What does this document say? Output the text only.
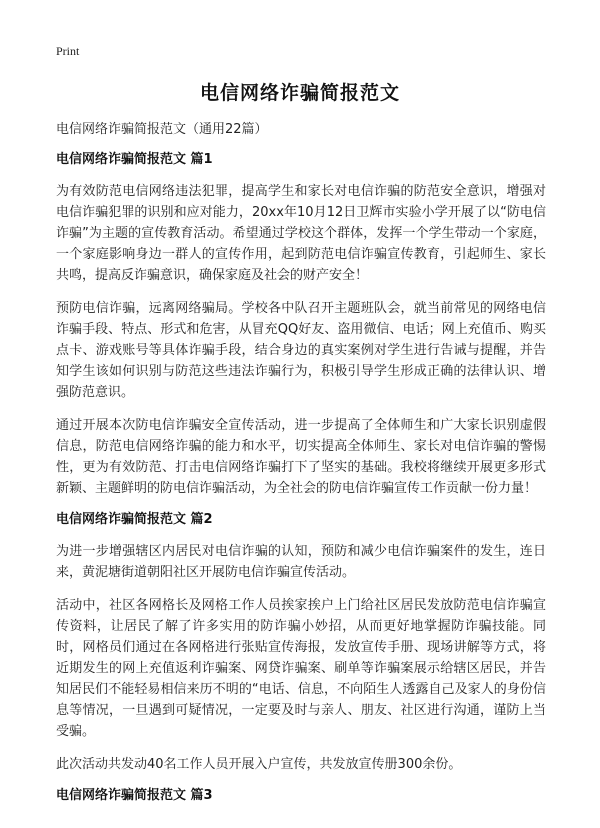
Print
电信网络诈骗简报范文

电信网络诈骗简报范文（通用22篇）

电信网络诈骗简报范文 篇1

为有效防范电信网络违法犯罪，提高学生和家长对电信诈骗的防范安全意识，增强对电信诈骗犯罪的识别和应对能力，20xx年10月12日卫辉市实验小学开展了以“防电信诈骗”为主题的宣传教育活动。希望通过学校这个群体，发挥一个学生带动一个家庭，一个家庭影响身边一群人的宣传作用，起到防范电信诈骗宣传教育，引起师生、家长共鸣，提高反诈骗意识，确保家庭及社会的财产安全！

预防电信诈骗，远离网络骗局。学校各中队召开主题班队会，就当前常见的网络电信诈骗手段、特点、形式和危害，从冒充QQ好友、盗用微信、电话；网上充值币、购买点卡、游戏账号等具体诈骗手段，结合身边的真实案例对学生进行告诫与提醒，并告知学生该如何识别与防范这些违法诈骗行为，积极引导学生形成正确的法律认识、增强防范意识。

通过开展本次防电信诈骗安全宣传活动，进一步提高了全体师生和广大家长识别虚假信息，防范电信网络诈骗的能力和水平，切实提高全体师生、家长对电信诈骗的警惕性，更为有效防范、打击电信网络诈骗打下了坚实的基础。我校将继续开展更多形式新颖、主题鲜明的防电信诈骗活动，为全社会的防电信诈骗宣传工作贡献一份力量！

电信网络诈骗简报范文 篇2

为进一步增强辖区内居民对电信诈骗的认知，预防和减少电信诈骗案件的发生，连日来，黄泥塘街道朝阳社区开展防电信诈骗宣传活动。

活动中，社区各网格长及网格工作人员挨家挨户上门给社区居民发放防范电信诈骗宣传资料，让居民了解了许多实用的防诈骗小妙招，从而更好地掌握防诈骗技能。同时，网格员们通过在各网格进行张贴宣传海报，发放宣传手册、现场讲解等方式，将近期发生的网上充值返利诈骗案、网贷诈骗案、刷单等诈骗案展示给辖区居民，并告知居民们不能轻易相信来历不明的“电话、信息，不向陌生人透露自己及家人的身份信息等情况，一旦遇到可疑情况，一定要及时与亲人、朋友、社区进行沟通，谨防上当受骗。

此次活动共发动40名工作人员开展入户宣传，共发放宣传册300余份。

电信网络诈骗简报范文 篇3
